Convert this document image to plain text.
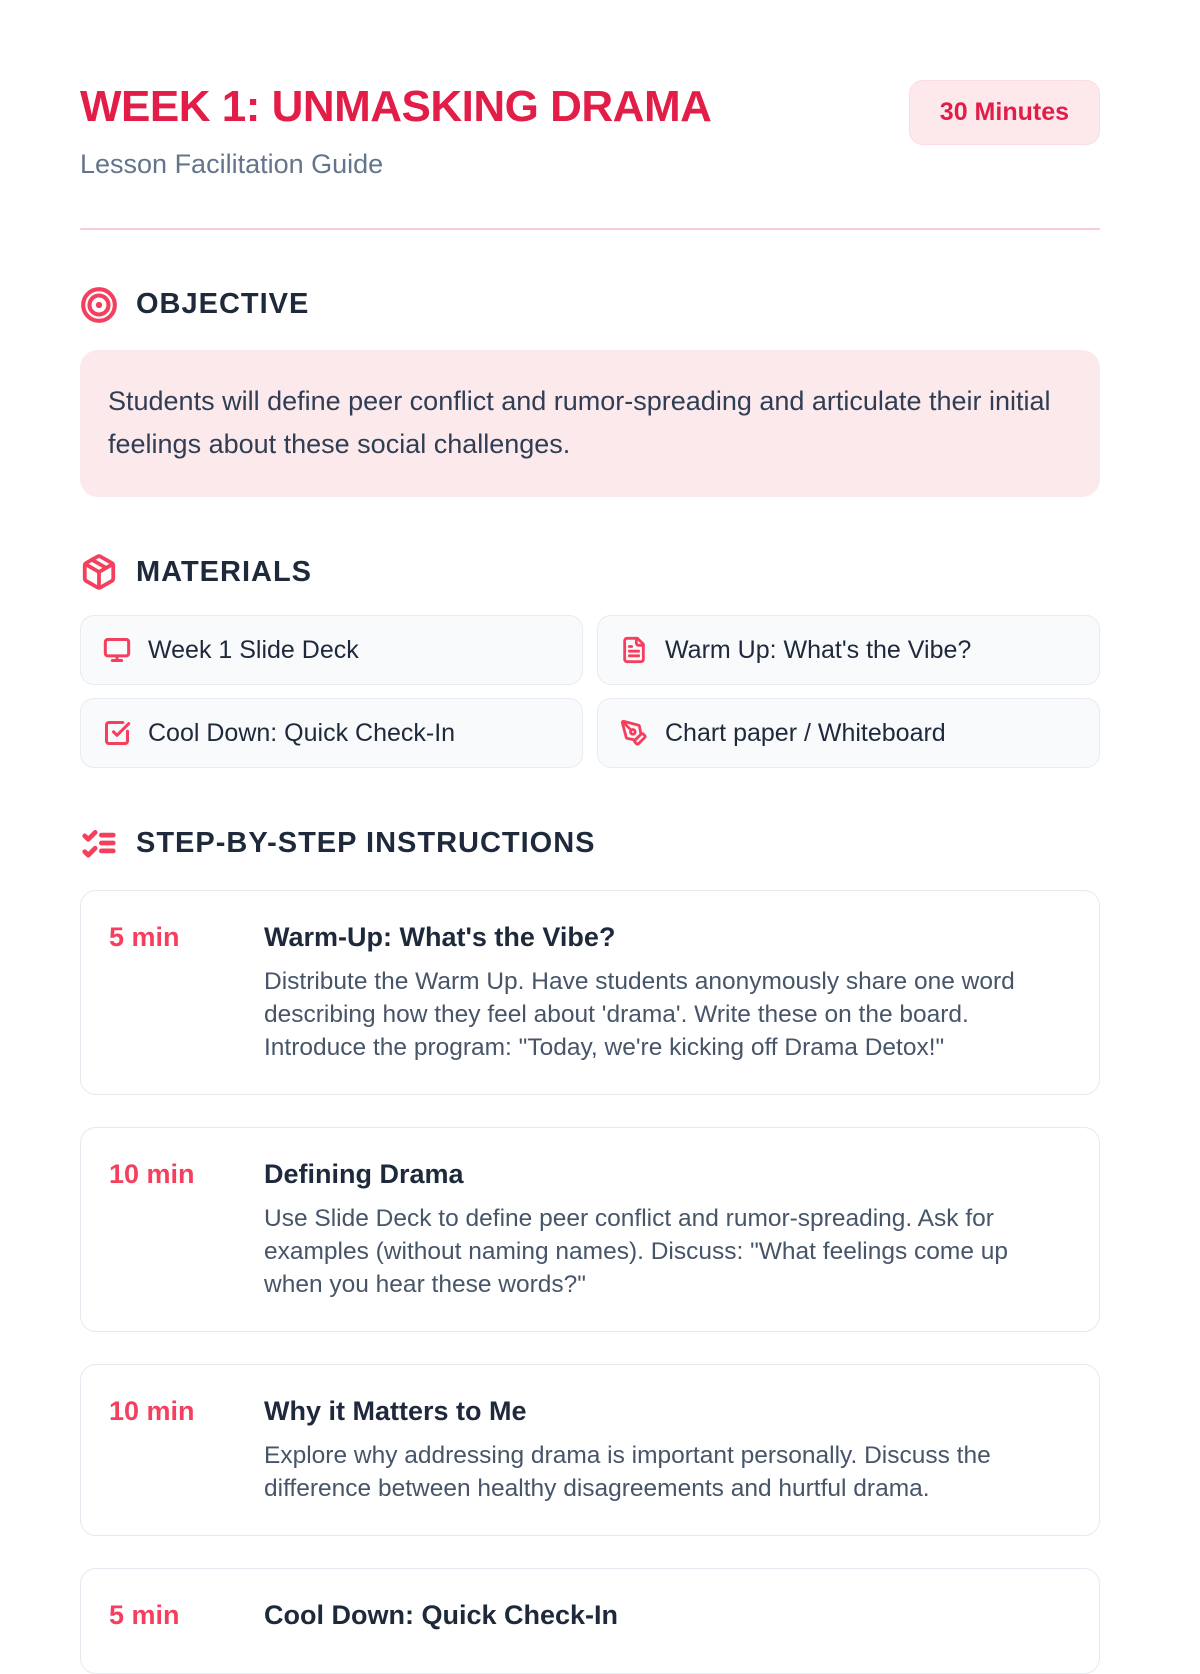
WEEK 1: UNMASKING DRAMA
Lesson Facilitation Guide
30 Minutes
OBJECTIVE
Students will define peer conflict and rumor-spreading and articulate their initial feelings about these social challenges.
MATERIALS
Week 1 Slide Deck	Warm Up: What's the Vibe?
Cool Down: Quick Check-In	Chart paper / Whiteboard
STEP-BY-STEP INSTRUCTIONS
5 min	Warm-Up: What's the Vibe?
Distribute the Warm Up. Have students anonymously share one word describing how they feel about 'drama'. Write these on the board. Introduce the program: "Today, we're kicking off Drama Detox!"
10 min	Defining Drama
Use Slide Deck to define peer conflict and rumor-spreading. Ask for examples (without naming names). Discuss: "What feelings come up when you hear these words?"
10 min	Why it Matters to Me
Explore why addressing drama is important personally. Discuss the difference between healthy disagreements and hurtful drama.
5 min	Cool Down: Quick Check-In
